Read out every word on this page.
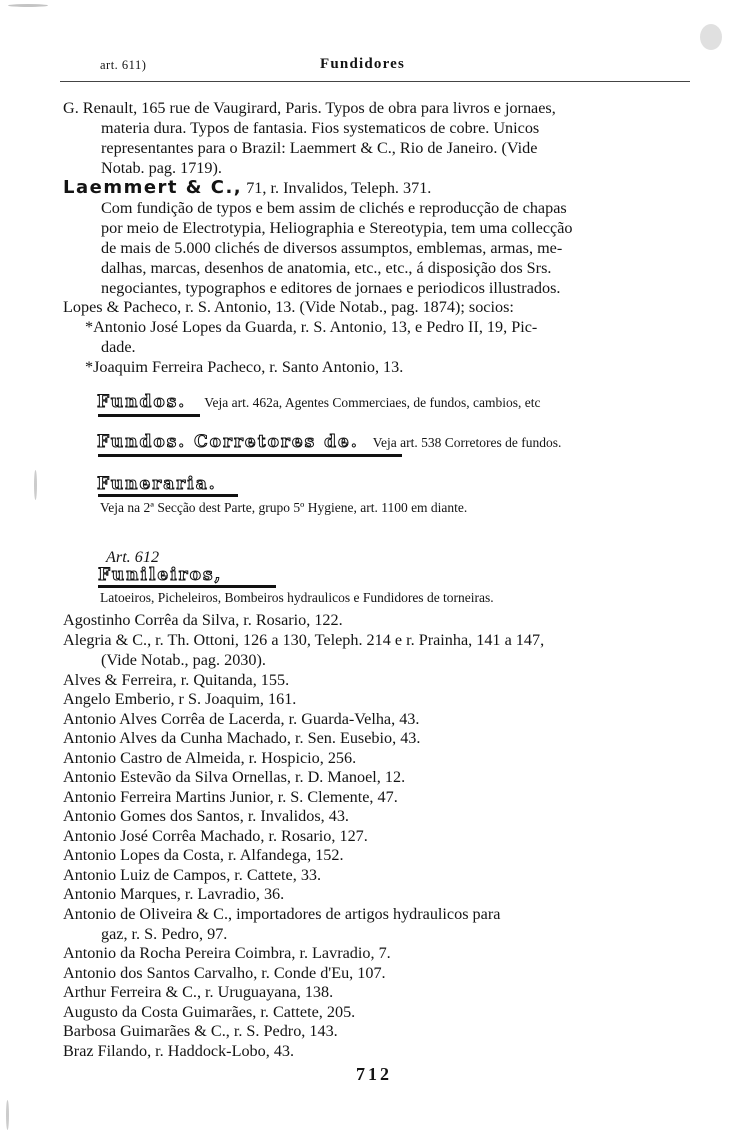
art. 611)	Fundidores
G. Renault, 165 rue de Vaugirard, Paris. Typos de obra para livros e jornaes,
materia dura. Typos de fantasia. Fios systematicos de cobre. Unicos
representantes para o Brazil: Laemmert & C., Rio de Janeiro. (Vide
Notab. pag. 1719).
Laemmert & C., 71, r. Invalidos, Teleph. 371.
Com fundição de typos e bem assim de clichés e reproducção de chapas
por meio de Electrotypia, Heliographia e Stereotypia, tem uma collecção
de mais de 5.000 clichés de diversos assumptos, emblemas, armas, me-
dalhas, marcas, desenhos de anatomia, etc., etc., á disposição dos Srs.
negociantes, typographos e editores de jornaes e periodicos illustrados.
Lopes & Pacheco, r. S. Antonio, 13. (Vide Notab., pag. 1874); socios:
*Antonio José Lopes da Guarda, r. S. Antonio, 13, e Pedro II, 19, Pic-
dade.
*Joaquim Ferreira Pacheco, r. Santo Antonio, 13.
Fundos. Veja art. 462a, Agentes Commerciaes, de fundos, cambios, etc
Fundos. Corretores de. Veja art. 538 Corretores de fundos.
Funeraria.
Veja na 2ª Secção dest Parte, grupo 5º Hygiene, art. 1100 em diante.
Art. 612
Funileiros,
Latoeiros, Picheleiros, Bombeiros hydraulicos e Fundidores de torneiras.
Agostinho Corrêa da Silva, r. Rosario, 122.
Alegria & C., r. Th. Ottoni, 126 a 130, Teleph. 214 e r. Prainha, 141 a 147,
(Vide Notab., pag. 2030).
Alves & Ferreira, r. Quitanda, 155.
Angelo Emberio, r S. Joaquim, 161.
Antonio Alves Corrêa de Lacerda, r. Guarda-Velha, 43.
Antonio Alves da Cunha Machado, r. Sen. Eusebio, 43.
Antonio Castro de Almeida, r. Hospicio, 256.
Antonio Estevão da Silva Ornellas, r. D. Manoel, 12.
Antonio Ferreira Martins Junior, r. S. Clemente, 47.
Antonio Gomes dos Santos, r. Invalidos, 43.
Antonio José Corrêa Machado, r. Rosario, 127.
Antonio Lopes da Costa, r. Alfandega, 152.
Antonio Luiz de Campos, r. Cattete, 33.
Antonio Marques, r. Lavradio, 36.
Antonio de Oliveira & C., importadores de artigos hydraulicos para
gaz, r. S. Pedro, 97.
Antonio da Rocha Pereira Coimbra, r. Lavradio, 7.
Antonio dos Santos Carvalho, r. Conde d'Eu, 107.
Arthur Ferreira & C., r. Uruguayana, 138.
Augusto da Costa Guimarães, r. Cattete, 205.
Barbosa Guimarães & C., r. S. Pedro, 143.
Braz Filando, r. Haddock-Lobo, 43.
712
